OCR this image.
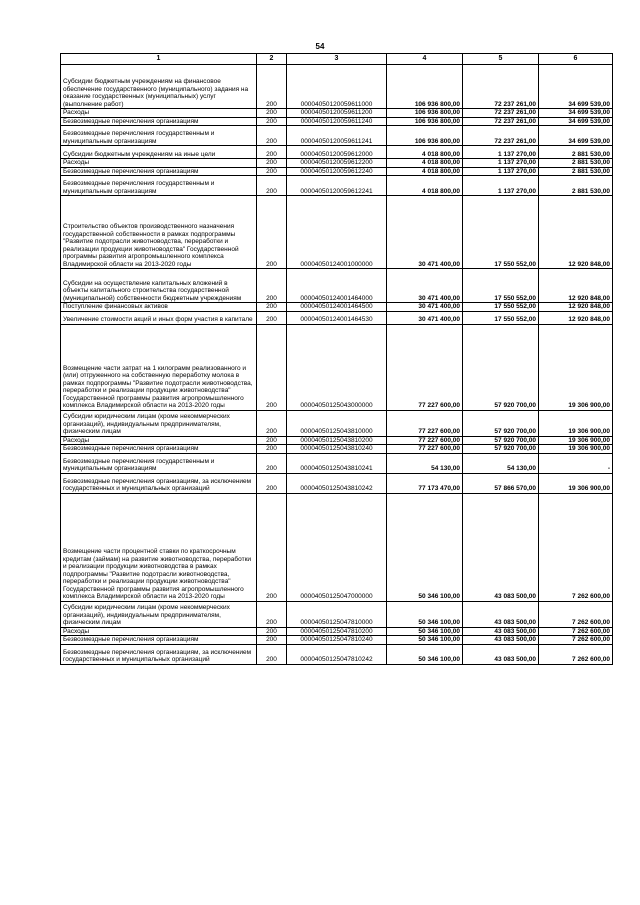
54
1	2	3	4	5	6
Субсидии бюджетным учреждениям на финансовое обеспечение государственного (муниципального) задания на оказание государственных (муниципальных) услуг (выполнение работ)	200	00004050120059611000	106 936 800,00	72 237 261,00	34 699 539,00
Расходы	200	00004050120059611200	106 936 800,00	72 237 261,00	34 699 539,00
Безвозмездные перечисления организациям	200	00004050120059611240	106 936 800,00	72 237 261,00	34 699 539,00
Безвозмездные перечисления государственным и муниципальным организациям	200	00004050120059611241	106 936 800,00	72 237 261,00	34 699 539,00
Субсидии бюджетным учреждениям на иные цели	200	00004050120059612000	4 018 800,00	1 137 270,00	2 881 530,00
Расходы	200	00004050120059612200	4 018 800,00	1 137 270,00	2 881 530,00
Безвозмездные перечисления организациям	200	00004050120059612240	4 018 800,00	1 137 270,00	2 881 530,00
Безвозмездные перечисления государственным и муниципальным организациям	200	00004050120059612241	4 018 800,00	1 137 270,00	2 881 530,00
Строительство объектов производственного назначения государственной собственности в рамках подпрограммы "Развитие подотрасли животноводства, переработки и реализации продукции животноводства" Государственной программы развития агропромышленного комплекса Владимирской области на 2013-2020 годы	200	00004050124001000000	30 471 400,00	17 550 552,00	12 920 848,00
Субсидии на осуществление капитальных вложений в объекты капитального строительства государственной (муниципальной) собственности бюджетным учреждениям	200	00004050124001464000	30 471 400,00	17 550 552,00	12 920 848,00
Поступление финансовых активов	200	00004050124001464500	30 471 400,00	17 550 552,00	12 920 848,00
Увеличение стоимости акций и иных форм участия в капитале	200	00004050124001464530	30 471 400,00	17 550 552,00	12 920 848,00
Возмещение части затрат на 1 килограмм реализованного и (или) отгруженного на собственную переработку молока в рамках подпрограммы "Развитие подотрасли животноводства, переработки и реализации продукции животноводства" Государственной программы развития агропромышленного комплекса Владимирской области на 2013-2020 годы	200	00004050125043000000	77 227 600,00	57 920 700,00	19 306 900,00
Субсидии юридическим лицам (кроме некоммерческих организаций), индивидуальным предпринимателям, физическим лицам	200	00004050125043810000	77 227 600,00	57 920 700,00	19 306 900,00
Расходы	200	00004050125043810200	77 227 600,00	57 920 700,00	19 306 900,00
Безвозмездные перечисления организациям	200	00004050125043810240	77 227 600,00	57 920 700,00	19 306 900,00
Безвозмездные перечисления государственным и муниципальным организациям	200	00004050125043810241	54 130,00	54 130,00	-
Безвозмездные перечисления организациям, за исключением государственных и муниципальных организаций	200	00004050125043810242	77 173 470,00	57 866 570,00	19 306 900,00
Возмещение части процентной ставки по краткосрочным кредитам (займам) на развитие животноводства, переработки и реализации продукции животноводства в рамках подпрограммы "Развитие подотрасли животноводства, переработки и реализации продукции животноводства" Государственной программы развития агропромышленного комплекса Владимирской области на 2013-2020 годы	200	00004050125047000000	50 346 100,00	43 083 500,00	7 262 600,00
Субсидии юридическим лицам (кроме некоммерческих организаций), индивидуальным предпринимателям, физическим лицам	200	00004050125047810000	50 346 100,00	43 083 500,00	7 262 600,00
Расходы	200	00004050125047810200	50 346 100,00	43 083 500,00	7 262 600,00
Безвозмездные перечисления организациям	200	00004050125047810240	50 346 100,00	43 083 500,00	7 262 600,00
Безвозмездные перечисления организациям, за исключением государственных и муниципальных организаций	200	00004050125047810242	50 346 100,00	43 083 500,00	7 262 600,00
